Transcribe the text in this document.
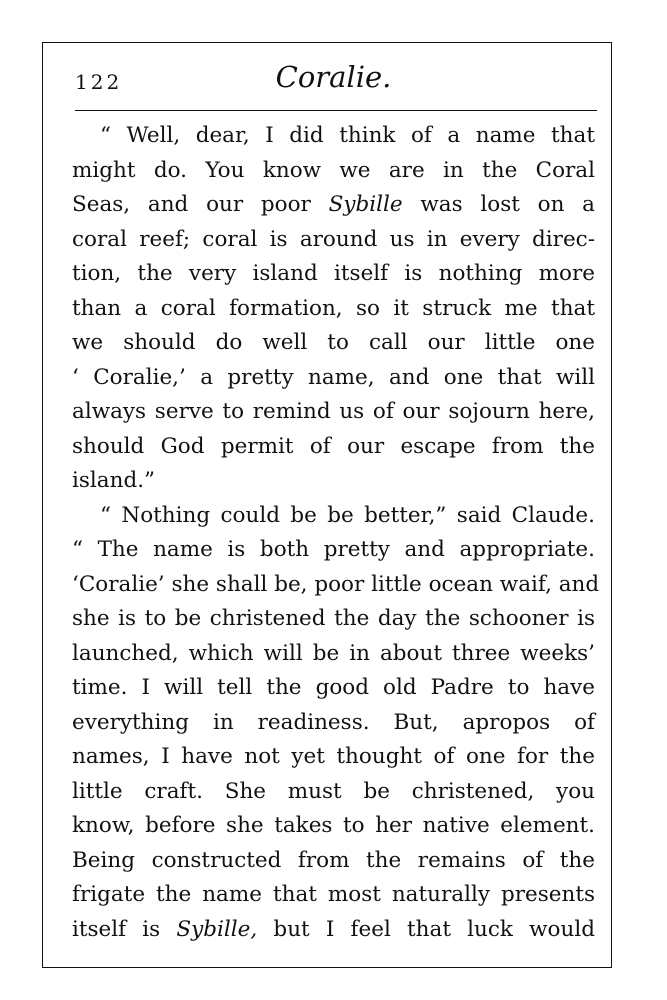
122	Coralie.
“ Well, dear, I did think of a name that
might do. You know we are in the Coral
Seas, and our poor Sybille was lost on a
coral reef; coral is around us in every direc-
tion, the very island itself is nothing more
than a coral formation, so it struck me that
we should do well to call our little one
‘ Coralie,’ a pretty name, and one that will
always serve to remind us of our sojourn here,
should God permit of our escape from the
island.”
“ Nothing could be be better,” said Claude.
“ The name is both pretty and appropriate.
‘Coralie’ she shall be, poor little ocean waif, and
she is to be christened the day the schooner is
launched, which will be in about three weeks’
time. I will tell the good old Padre to have
everything in readiness. But, apropos of
names, I have not yet thought of one for the
little craft. She must be christened, you
know, before she takes to her native element.
Being constructed from the remains of the
frigate the name that most naturally presents
itself is Sybille, but I feel that luck would
